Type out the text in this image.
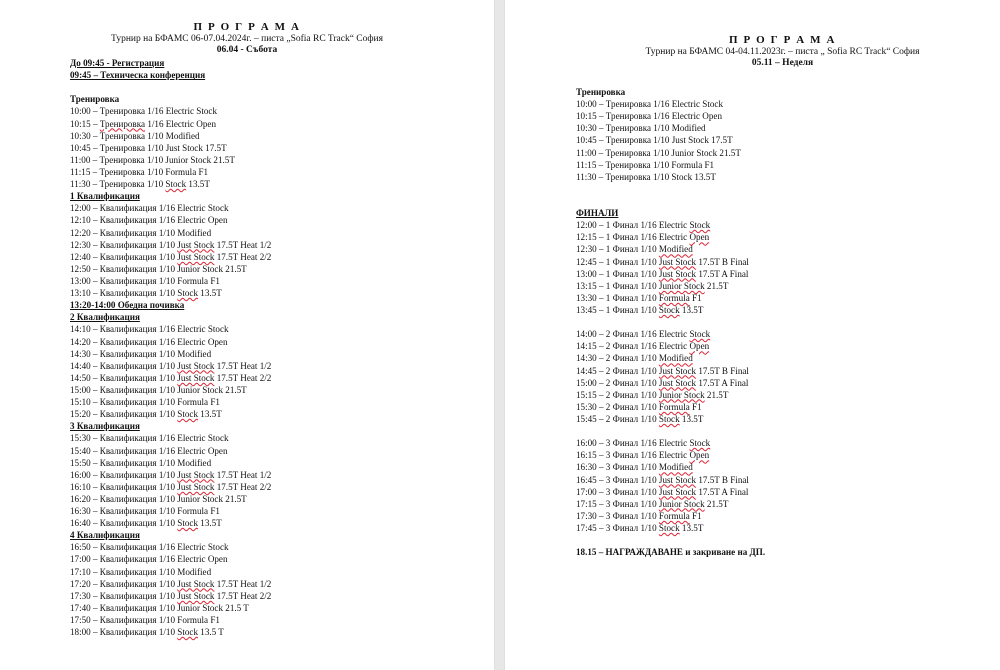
П Р О Г Р А М А
Турнир на БФАМС 06-07.04.2024г. – писта „Sofia RC Track“ София
06.04 - Събота
До 09:45 - Регистрация
09:45 – Техническа конференция
Тренировка
10:00 – Тренировка 1/16 Electric Stock
10:15 – Тренировка 1/16 Electric Open
10:30 – Тренировка 1/10 Modified
10:45 – Тренировка 1/10 Just Stock 17.5T
11:00 – Тренировка 1/10 Junior Stock 21.5T
11:15 – Тренировка 1/10 Formula F1
11:30 – Тренировка 1/10 Stock 13.5T
1 Квалификация
12:00 – Квалификация 1/16 Electric Stock
12:10 – Квалификация 1/16 Electric Open
12:20 – Квалификация 1/10 Modified
12:30 – Квалификация 1/10 Just Stock 17.5T Heat 1/2
12:40 – Квалификация 1/10 Just Stock 17.5T Heat 2/2
12:50 – Квалификация 1/10 Junior Stock 21.5T
13:00 – Квалификация 1/10 Formula F1
13:10 – Квалификация 1/10 Stock 13.5T
13:20-14:00 Обедна почивка
2 Квалификация
14:10 – Квалификация 1/16 Electric Stock
14:20 – Квалификация 1/16 Electric Open
14:30 – Квалификация 1/10 Modified
14:40 – Квалификация 1/10 Just Stock 17.5T Heat 1/2
14:50 – Квалификация 1/10 Just Stock 17.5T Heat 2/2
15:00 – Квалификация 1/10 Junior Stock 21.5T
15:10 – Квалификация 1/10 Formula F1
15:20 – Квалификация 1/10 Stock 13.5T
3 Квалификация
15:30 – Квалификация 1/16 Electric Stock
15:40 – Квалификация 1/16 Electric Open
15:50 – Квалификация 1/10 Modified
16:00 – Квалификация 1/10 Just Stock 17.5T Heat 1/2
16:10 – Квалификация 1/10 Just Stock 17.5T Heat 2/2
16:20 – Квалификация 1/10 Junior Stock 21.5T
16:30 – Квалификация 1/10 Formula F1
16:40 – Квалификация 1/10 Stock 13.5T
4 Квалификация
16:50 – Квалификация 1/16 Electric Stock
17:00 – Квалификация 1/16 Electric Open
17:10 – Квалификация 1/10 Modified
17:20 – Квалификация 1/10 Just Stock 17.5T Heat 1/2
17:30 – Квалификация 1/10 Just Stock 17.5T Heat 2/2
17:40 – Квалификация 1/10 Junior Stock 21.5 T
17:50 – Квалификация 1/10 Formula F1
18:00 – Квалификация 1/10 Stock 13.5 T
П Р О Г Р А М А
Турнир на БФАМС 04-04.11.2023г. – писта „ Sofia RC Track“ София
05.11 – Неделя
Тренировка
10:00 – Тренировка 1/16 Electric Stock
10:15 – Тренировка 1/16 Electric Open
10:30 – Тренировка 1/10 Modified
10:45 – Тренировка 1/10 Just Stock 17.5T
11:00 – Тренировка 1/10 Junior Stock 21.5T
11:15 – Тренировка 1/10 Formula F1
11:30 – Тренировка 1/10 Stock 13.5T
ФИНАЛИ
12:00 – 1 Финал 1/16 Electric Stock
12:15 – 1 Финал 1/16 Electric Open
12:30 – 1 Финал 1/10 Modified
12:45 – 1 Финал 1/10 Just Stock 17.5T B Final
13:00 – 1 Финал 1/10 Just Stock 17.5T A Final
13:15 – 1 Финал 1/10 Junior Stock 21.5T
13:30 – 1 Финал 1/10 Formula F1
13:45 – 1 Финал 1/10 Stock 13.5T
14:00 – 2 Финал 1/16 Electric Stock
14:15 – 2 Финал 1/16 Electric Open
14:30 – 2 Финал 1/10 Modified
14:45 – 2 Финал 1/10 Just Stock 17.5T B Final
15:00 – 2 Финал 1/10 Just Stock 17.5T A Final
15:15 – 2 Финал 1/10 Junior Stock 21.5T
15:30 – 2 Финал 1/10 Formula F1
15:45 – 2 Финал 1/10 Stock 13.5T
16:00 – 3 Финал 1/16 Electric Stock
16:15 – 3 Финал 1/16 Electric Open
16:30 – 3 Финал 1/10 Modified
16:45 – 3 Финал 1/10 Just Stock 17.5T B Final
17:00 – 3 Финал 1/10 Just Stock 17.5T A Final
17:15 – 3 Финал 1/10 Junior Stock 21.5T
17:30 – 3 Финал 1/10 Formula F1
17:45 – 3 Финал 1/10 Stock 13.5T
18.15 – НАГРАЖДАВАНЕ и закриване на ДП.
